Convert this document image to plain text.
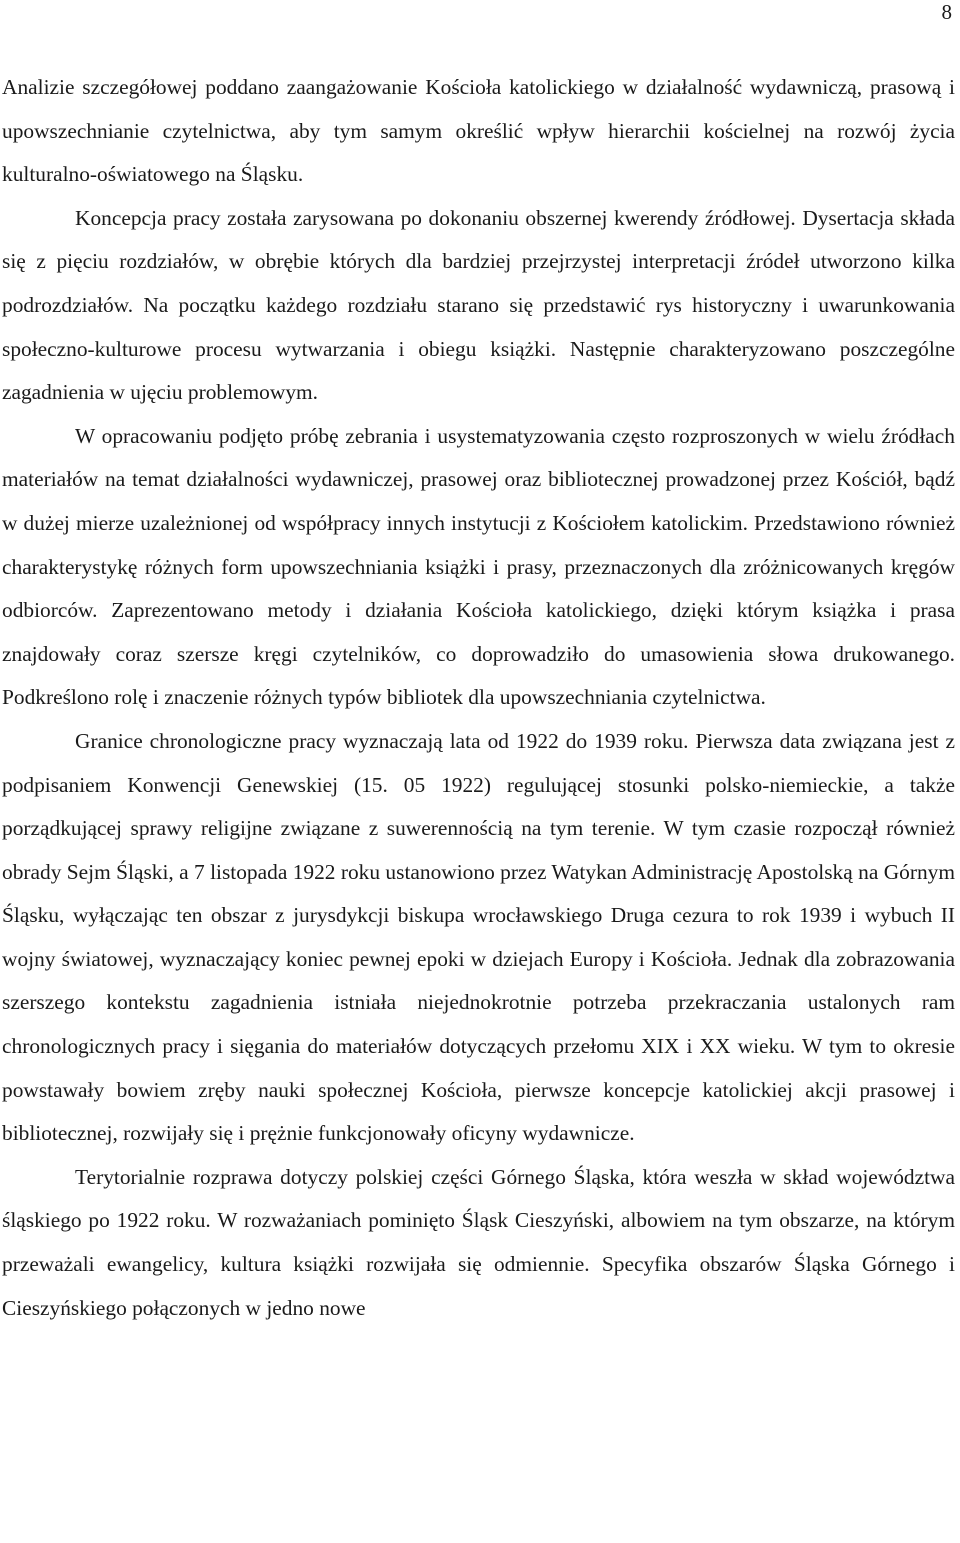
8

Analizie szczegółowej poddano zaangażowanie Kościoła katolickiego w działalność wydawniczą, prasową i upowszechnianie czytelnictwa, aby tym samym określić wpływ hierarchii kościelnej na rozwój życia kulturalno-oświatowego na Śląsku.

Koncepcja pracy została zarysowana po dokonaniu obszernej kwerendy źródłowej. Dysertacja składa się z pięciu rozdziałów, w obrębie których dla bardziej przejrzystej interpretacji źródeł utworzono kilka podrozdziałów. Na początku każdego rozdziału starano się przedstawić rys historyczny i uwarunkowania społeczno-kulturowe procesu wytwarzania i obiegu książki. Następnie charakteryzowano poszczególne zagadnienia w ujęciu problemowym.

W opracowaniu podjęto próbę zebrania i usystematyzowania często rozproszonych w wielu źródłach materiałów na temat działalności wydawniczej, prasowej oraz bibliotecznej prowadzonej przez Kościół, bądź w dużej mierze uzależnionej od współpracy innych instytucji z Kościołem katolickim. Przedstawiono również charakterystykę różnych form upowszechniania książki i prasy, przeznaczonych dla zróżnicowanych kręgów odbiorców. Zaprezentowano metody i działania Kościoła katolickiego, dzięki którym książka i prasa znajdowały coraz szersze kręgi czytelników, co doprowadziło do umasowienia słowa drukowanego. Podkreślono rolę i znaczenie różnych typów bibliotek dla upowszechniania czytelnictwa.

Granice chronologiczne pracy wyznaczają lata od 1922 do 1939 roku. Pierwsza data związana jest z podpisaniem Konwencji Genewskiej (15. 05 1922) regulującej stosunki polsko-niemieckie, a także porządkującej sprawy religijne związane z suwerennością na tym terenie. W tym czasie rozpoczął również obrady Sejm Śląski, a 7 listopada 1922 roku ustanowiono przez Watykan Administrację Apostolską na Górnym Śląsku, wyłączając ten obszar z jurysdykcji biskupa wrocławskiego Druga cezura to rok 1939 i wybuch II wojny światowej, wyznaczający koniec pewnej epoki w dziejach Europy i Kościoła. Jednak dla zobrazowania szerszego kontekstu zagadnienia istniała niejednokrotnie potrzeba przekraczania ustalonych ram chronologicznych pracy i sięgania do materiałów dotyczących przełomu XIX i XX wieku. W tym to okresie powstawały bowiem zręby nauki społecznej Kościoła, pierwsze koncepcje katolickiej akcji prasowej i bibliotecznej, rozwijały się i prężnie funkcjonowały oficyny wydawnicze.

Terytorialnie rozprawa dotyczy polskiej części Górnego Śląska, która weszła w skład województwa śląskiego po 1922 roku. W rozważaniach pominięto Śląsk Cieszyński, albowiem na tym obszarze, na którym przeważali ewangelicy, kultura książki rozwijała się odmiennie. Specyfika obszarów Śląska Górnego i Cieszyńskiego połączonych w jedno nowe
